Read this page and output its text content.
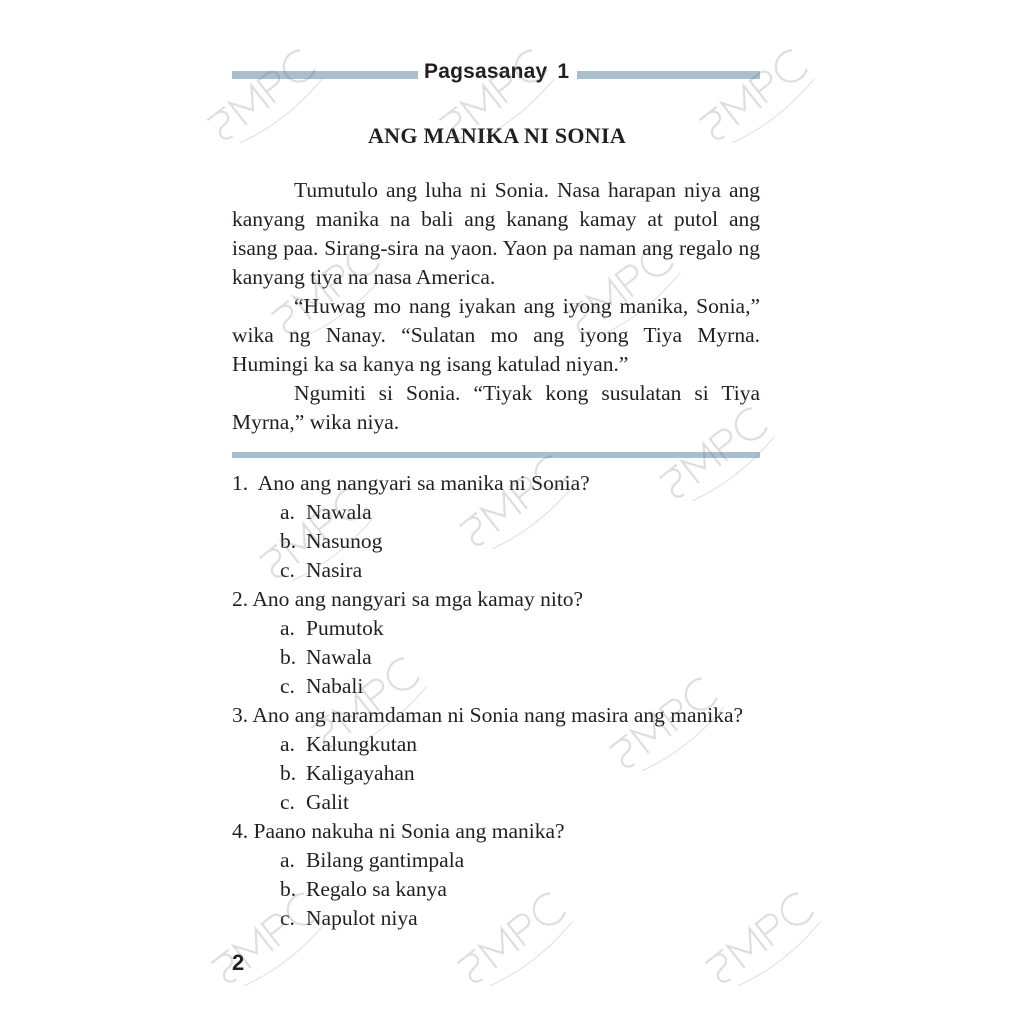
Pagsasanay 1
ANG MANIKA NI SONIA

Tumutulo ang luha ni Sonia. Nasa harapan niya ang kanyang manika na bali ang kanang kamay at putol ang isang paa. Sirang-sira na yaon. Yaon pa naman ang regalo ng kanyang tiya na nasa America.

“Huwag mo nang iyakan ang iyong manika, Sonia,” wika ng Nanay. “Sulatan mo ang iyong Tiya Myrna. Humingi ka sa kanya ng isang katulad niyan.”

Ngumiti si Sonia. “Tiyak kong susulatan si Tiya Myrna,” wika niya.

1. Ano ang nangyari sa manika ni Sonia?
a. Nawala
b. Nasunog
c. Nasira
2. Ano ang nangyari sa mga kamay nito?
a. Pumutok
b. Nawala
c. Nabali
3. Ano ang naramdaman ni Sonia nang masira ang manika?
a. Kalungkutan
b. Kaligayahan
c. Galit
4. Paano nakuha ni Sonia ang manika?
a. Bilang gantimpala
b. Regalo sa kanya
c. Napulot niya
2
